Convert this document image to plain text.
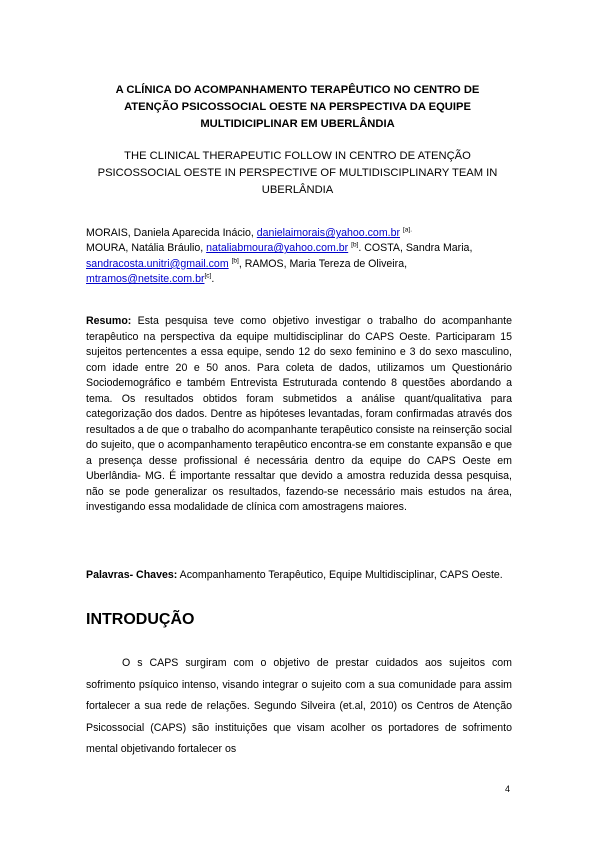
A CLÍNICA DO ACOMPANHAMENTO TERAPÊUTICO NO CENTRO DE ATENÇÃO PSICOSSOCIAL OESTE NA PERSPECTIVA DA EQUIPE MULTIDICIPLINAR EM UBERLÂNDIA
THE CLINICAL THERAPEUTIC FOLLOW IN CENTRO DE ATENÇÃO PSICOSSOCIAL OESTE IN PERSPECTIVE OF MULTIDISCIPLINARY TEAM IN UBERLÂNDIA
MORAIS, Daniela Aparecida Inácio, danielaimorais@yahoo.com.br $^{[a].}$
MOURA, Natália Bráulio, nataliabmoura@yahoo.com.br [b]. COSTA, Sandra Maria, sandracosta.unitri@gmail.com [b], RAMOS, Maria Tereza de Oliveira, mtramos@netsite.com.br[c].
Resumo: Esta pesquisa teve como objetivo investigar o trabalho do acompanhante terapêutico na perspectiva da equipe multidisciplinar do CAPS Oeste. Participaram 15 sujeitos pertencentes a essa equipe, sendo 12 do sexo feminino e 3 do sexo masculino, com idade entre 20 e 50 anos. Para coleta de dados, utilizamos um Questionário Sociodemográfico e também Entrevista Estruturada contendo 8 questões abordando a tema. Os resultados obtidos foram submetidos a análise quant/qualitativa para categorização dos dados. Dentre as hipóteses levantadas, foram confirmadas através dos resultados a de que o trabalho do acompanhante terapêutico consiste na reinserção social do sujeito, que o acompanhamento terapêutico encontra-se em constante expansão e que a presença desse profissional é necessária dentro da equipe do CAPS Oeste em Uberlândia- MG. É importante ressaltar que devido a amostra reduzida dessa pesquisa, não se pode generalizar os resultados, fazendo-se necessário mais estudos na área, investigando essa modalidade de clínica com amostragens maiores.
Palavras- Chaves: Acompanhamento Terapêutico, Equipe Multidisciplinar, CAPS Oeste.
INTRODUÇÃO
O s CAPS surgiram com o objetivo de prestar cuidados aos sujeitos com sofrimento psíquico intenso, visando integrar o sujeito com a sua comunidade para assim fortalecer a sua rede de relações. Segundo Silveira (et.al, 2010) os Centros de Atenção Psicossocial (CAPS) são instituições que visam acolher os portadores de sofrimento mental objetivando fortalecer os
4
